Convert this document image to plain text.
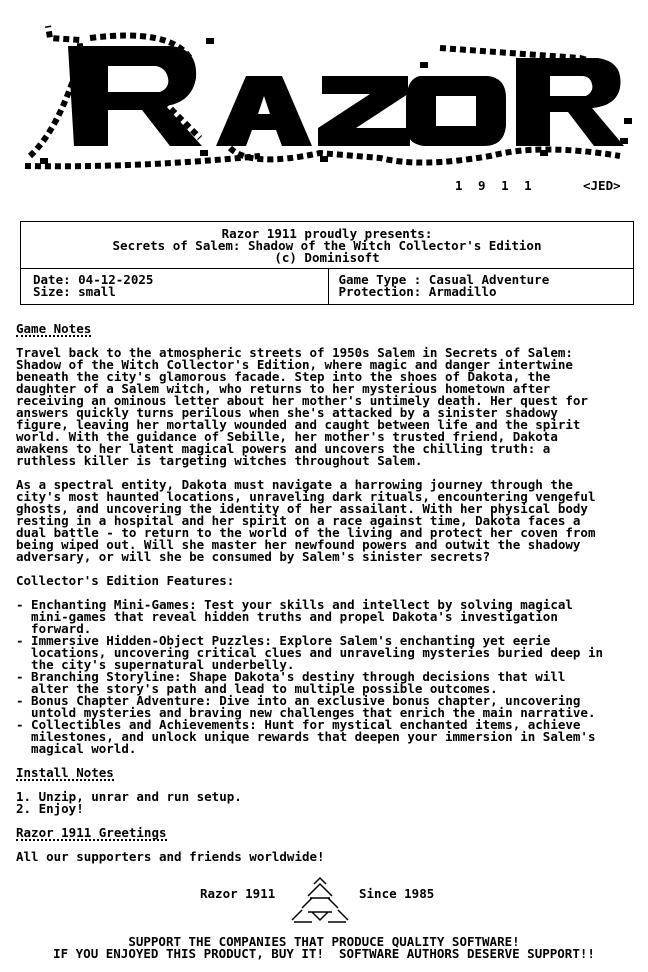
1 9 1 1	<JED>
Razor 1911 proudly presents:
Secrets of Salem: Shadow of the Witch Collector's Edition
(c) Dominisoft
Date: 04-12-2025
Size: small
Game Type : Casual Adventure
Protection: Armadillo
Game Notes
Travel back to the atmospheric streets of 1950s Salem in Secrets of Salem:
Shadow of the Witch Collector's Edition, where magic and danger intertwine
beneath the city's glamorous facade. Step into the shoes of Dakota, the
daughter of a Salem witch, who returns to her mysterious hometown after
receiving an ominous letter about her mother's untimely death. Her quest for
answers quickly turns perilous when she's attacked by a sinister shadowy
figure, leaving her mortally wounded and caught between life and the spirit
world. With the guidance of Sebille, her mother's trusted friend, Dakota
awakens to her latent magical powers and uncovers the chilling truth: a
ruthless killer is targeting witches throughout Salem.
As a spectral entity, Dakota must navigate a harrowing journey through the
city's most haunted locations, unraveling dark rituals, encountering vengeful
ghosts, and uncovering the identity of her assailant. With her physical body
resting in a hospital and her spirit on a race against time, Dakota faces a
dual battle - to return to the world of the living and protect her coven from
being wiped out. Will she master her newfound powers and outwit the shadowy
adversary, or will she be consumed by Salem's sinister secrets?
Collector's Edition Features:
- Enchanting Mini-Games: Test your skills and intellect by solving magical
mini-games that reveal hidden truths and propel Dakota's investigation
forward.
- Immersive Hidden-Object Puzzles: Explore Salem's enchanting yet eerie
locations, uncovering critical clues and unraveling mysteries buried deep in
the city's supernatural underbelly.
- Branching Storyline: Shape Dakota's destiny through decisions that will
alter the story's path and lead to multiple possible outcomes.
- Bonus Chapter Adventure: Dive into an exclusive bonus chapter, uncovering
untold mysteries and braving new challenges that enrich the main narrative.
- Collectibles and Achievements: Hunt for mystical enchanted items, achieve
milestones, and unlock unique rewards that deepen your immersion in Salem's
magical world.
Install Notes
1. Unzip, unrar and run setup.
2. Enjoy!
Razor 1911 Greetings
All our supporters and friends worldwide!
Razor 1911	Since 1985
SUPPORT THE COMPANIES THAT PRODUCE QUALITY SOFTWARE!
IF YOU ENJOYED THIS PRODUCT, BUY IT!  SOFTWARE AUTHORS DESERVE SUPPORT!!
